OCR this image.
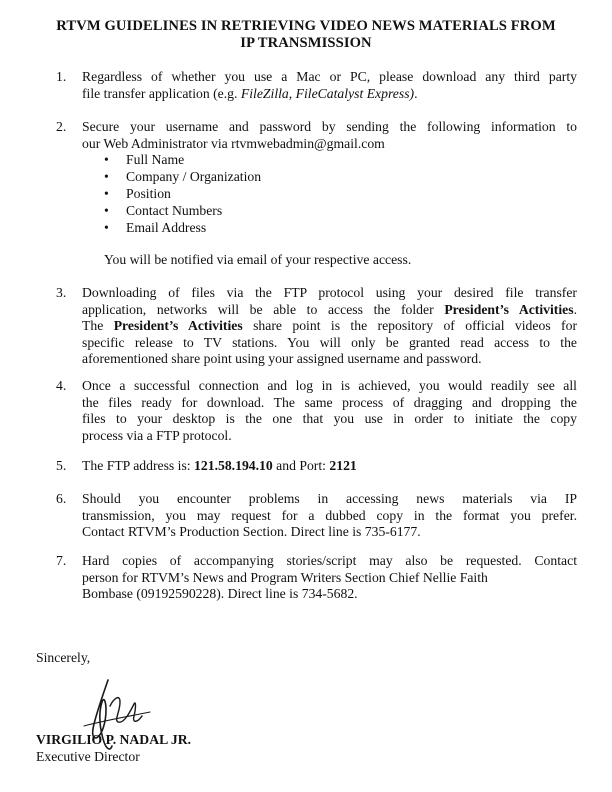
RTVM GUIDELINES IN RETRIEVING VIDEO NEWS MATERIALS FROM
IP TRANSMISSION
1.	Regardless of whether you use a Mac or PC, please download any third party
file transfer application (e.g. FileZilla, FileCatalyst Express).
2.	Secure your username and password by sending the following information to
our Web Administrator via rtvmwebadmin@gmail.com
• Full Name
• Company / Organization
• Position
• Contact Numbers
• Email Address
You will be notified via email of your respective access.
3.	Downloading of files via the FTP protocol using your desired file transfer
application, networks will be able to access the folder President’s Activities.
The President’s Activities share point is the repository of official videos for
specific release to TV stations. You will only be granted read access to the
aforementioned share point using your assigned username and password.
4.	Once a successful connection and log in is achieved, you would readily see all
the files ready for download. The same process of dragging and dropping the
files to your desktop is the one that you use in order to initiate the copy
process via a FTP protocol.
5.	The FTP address is: 121.58.194.10 and Port: 2121
6.	Should you encounter problems in accessing news materials via IP
transmission, you may request for a dubbed copy in the format you prefer.
Contact RTVM’s Production Section. Direct line is 735-6177.
7.	Hard copies of accompanying stories/script may also be requested. Contact
person for RTVM’s News and Program Writers Section Chief Nellie Faith
Bombase (09192590228). Direct line is 734-5682.
Sincerely,
VIRGILIO P. NADAL JR.
Executive Director
